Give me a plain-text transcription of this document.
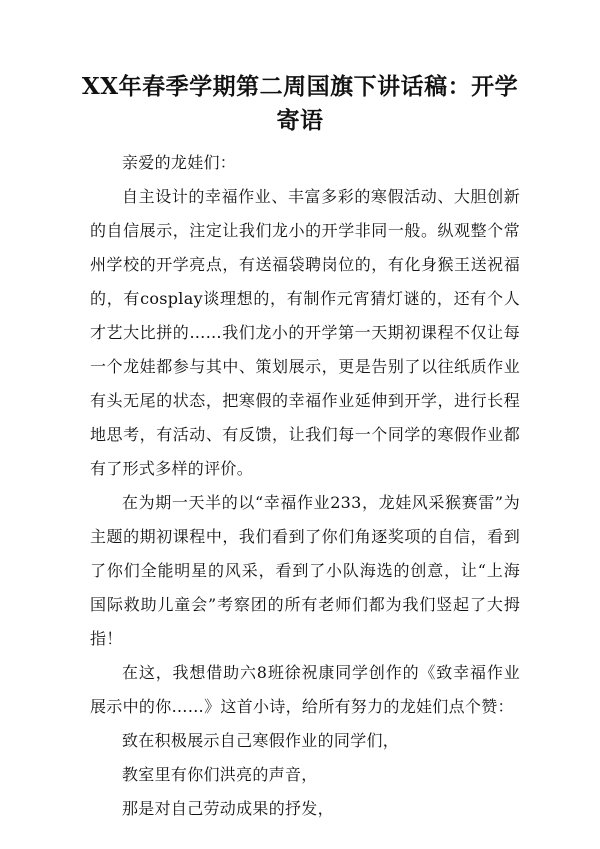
XX年春季学期第二周国旗下讲话稿：开学寄语

亲爱的龙娃们：

自主设计的幸福作业、丰富多彩的寒假活动、大胆创新的自信展示，注定让我们龙小的开学非同一般。纵观整个常州学校的开学亮点，有送福袋聘岗位的，有化身猴王送祝福的，有cosplay谈理想的，有制作元宵猜灯谜的，还有个人才艺大比拼的……我们龙小的开学第一天期初课程不仅让每一个龙娃都参与其中、策划展示，更是告别了以往纸质作业有头无尾的状态，把寒假的幸福作业延伸到开学，进行长程地思考，有活动、有反馈，让我们每一个同学的寒假作业都有了形式多样的评价。

在为期一天半的以“幸福作业233，龙娃风采猴赛雷”为主题的期初课程中，我们看到了你们角逐奖项的自信，看到了你们全能明星的风采，看到了小队海选的创意，让“上海国际救助儿童会”考察团的所有老师们都为我们竖起了大拇指！

在这，我想借助六8班徐祝康同学创作的《致幸福作业展示中的你……》这首小诗，给所有努力的龙娃们点个赞：

致在积极展示自己寒假作业的同学们，

教室里有你们洪亮的声音，

那是对自己劳动成果的抒发，
